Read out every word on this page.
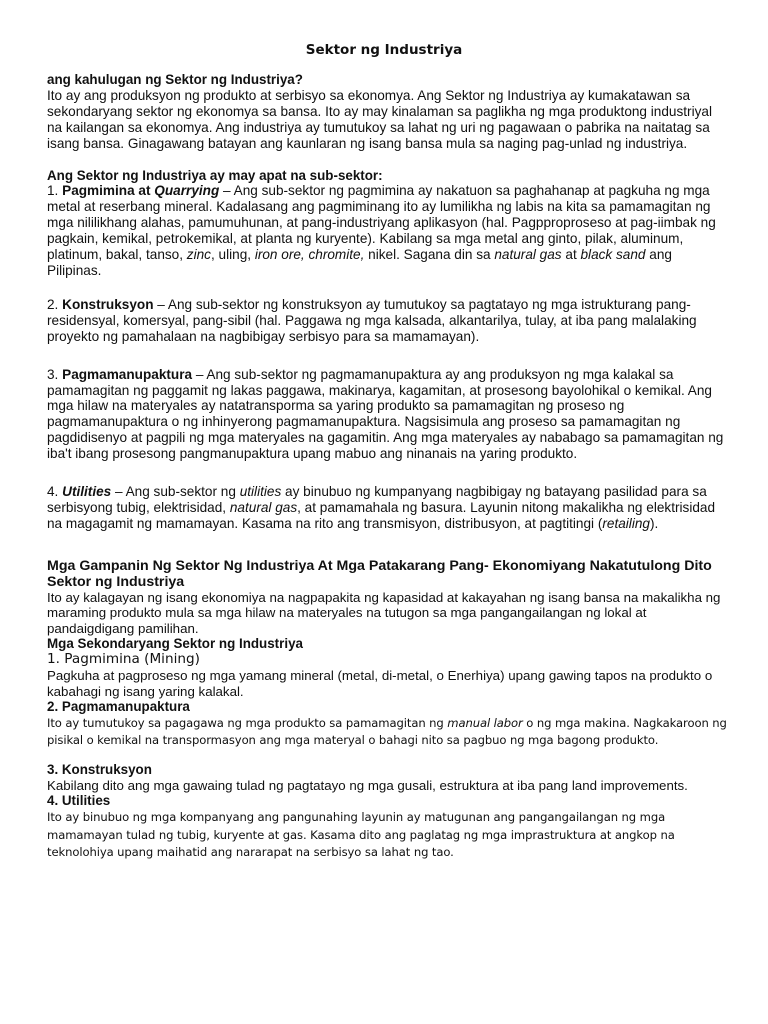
Sektor ng Industriya

ang kahulugan ng Sektor ng Industriya?

Ito ay ang produksyon ng produkto at serbisyo sa ekonomya. Ang Sektor ng Industriya ay kumakatawan sa sekondaryang sektor ng ekonomya sa bansa. Ito ay may kinalaman sa paglikha ng mga produktong industriyal na kailangan sa ekonomya. Ang industriya ay tumutukoy sa lahat ng uri ng pagawaan o pabrika na naitatag sa isang bansa. Ginagawang batayan ang kaunlaran ng isang bansa mula sa naging pag-unlad ng industriya.

Ang Sektor ng Industriya ay may apat na sub-sektor:

1. Pagmimina at Quarrying – Ang sub-sektor ng pagmimina ay nakatuon sa paghahanap at pagkuha ng mga metal at reserbang mineral. Kadalasang ang pagmiminang ito ay lumilikha ng labis na kita sa pamamagitan ng mga nililikhang alahas, pamumuhunan, at pang-industriyang aplikasyon (hal. Pagpproproseso at pag-iimbak ng pagkain, kemikal, petrokemikal, at planta ng kuryente). Kabilang sa mga metal ang ginto, pilak, aluminum, platinum, bakal, tanso, zinc, uling, iron ore, chromite, nikel. Sagana din sa natural gas at black sand ang Pilipinas.

2. Konstruksyon – Ang sub-sektor ng konstruksyon ay tumutukoy sa pagtatayo ng mga istrukturang pang-residensyal, komersyal, pang-sibil (hal. Paggawa ng mga kalsada, alkantarilya, tulay, at iba pang malalaking proyekto ng pamahalaan na nagbibigay serbisyo para sa mamamayan).

3. Pagmamanupaktura – Ang sub-sektor ng pagmamanupaktura ay ang produksyon ng mga kalakal sa pamamagitan ng paggamit ng lakas paggawa, makinarya, kagamitan, at prosesong bayolohikal o kemikal. Ang mga hilaw na materyales ay natatransporma sa yaring produkto sa pamamagitan ng proseso ng pagmamanupaktura o ng inhinyerong pagmamanupaktura. Nagsisimula ang proseso sa pamamagitan ng pagdidisenyo at pagpili ng mga materyales na gagamitin. Ang mga materyales ay nababago sa pamamagitan ng iba't ibang prosesong pangmanupaktura upang mabuo ang ninanais na yaring produkto.

4. Utilities – Ang sub-sektor ng utilities ay binubuo ng kumpanyang nagbibigay ng batayang pasilidad para sa serbisyong tubig, elektrisidad, natural gas, at pamamahala ng basura. Layunin nitong makalikha ng elektrisidad na magagamit ng mamamayan. Kasama na rito ang transmisyon, distribusyon, at pagtitingi (retailing).

Mga Gampanin Ng Sektor Ng Industriya At Mga Patakarang Pang- Ekonomiyang Nakatutulong Dito

Sektor ng Industriya

Ito ay kalagayan ng isang ekonomiya na nagpapakita ng kapasidad at kakayahan ng isang bansa na makalikha ng maraming produkto mula sa mga hilaw na materyales na tutugon sa mga pangangailangan ng lokal at pandaigdigang pamilihan.

Mga Sekondaryang Sektor ng Industriya

1. Pagmimina (Mining)

Pagkuha at pagproseso ng mga yamang mineral (metal, di-metal, o Enerhiya) upang gawing tapos na produkto o kabahagi ng isang yaring kalakal.

2. Pagmamanupaktura

Ito ay tumutukoy sa pagagawa ng mga produkto sa pamamagitan ng manual labor o ng mga makina. Nagkakaroon ng pisikal o kemikal na transpormasyon ang mga materyal o bahagi nito sa pagbuo ng mga bagong produkto.

3. Konstruksyon

Kabilang dito ang mga gawaing tulad ng pagtatayo ng mga gusali, estruktura at iba pang land improvements.

4. Utilities

Ito ay binubuo ng mga kompanyang ang pangunahing layunin ay matugunan ang pangangailangan ng mga mamamayan tulad ng tubig, kuryente at gas. Kasama dito ang paglatag ng mga imprastruktura at angkop na teknolohiya upang maihatid ang nararapat na serbisyo sa lahat ng tao.
